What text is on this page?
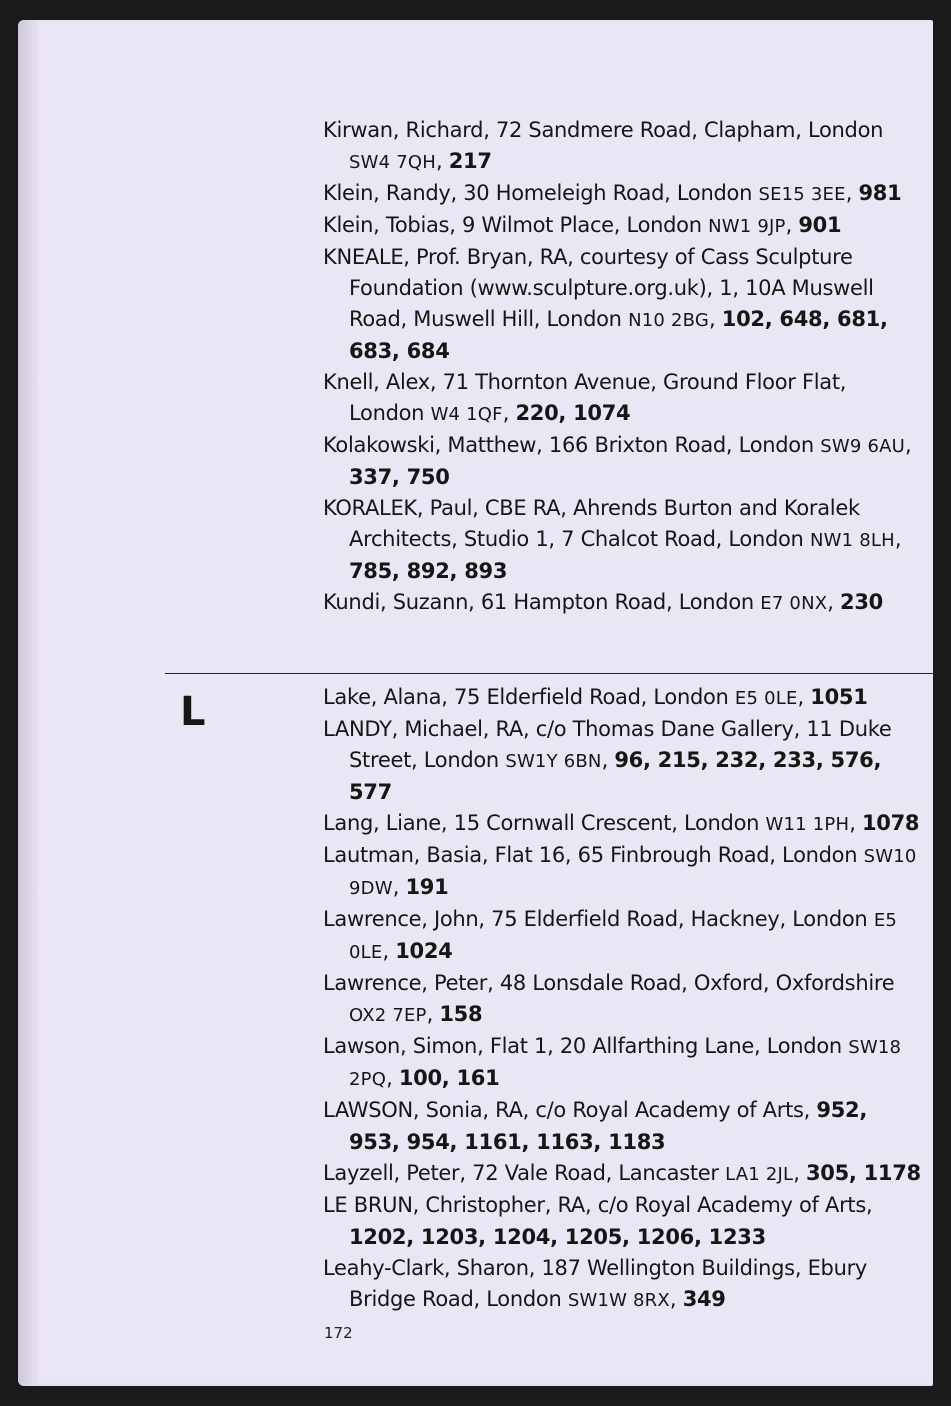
Kirwan, Richard, 72 Sandmere Road, Clapham, London SW4 7QH, 217

Klein, Randy, 30 Homeleigh Road, London SE15 3EE, 981

Klein, Tobias, 9 Wilmot Place, London NW1 9JP, 901

KNEALE, Prof. Bryan, RA, courtesy of Cass Sculpture Foundation (www.sculpture.org.uk), 1, 10A Muswell Road, Muswell Hill, London N10 2BG, 102, 648, 681, 683, 684

Knell, Alex, 71 Thornton Avenue, Ground Floor Flat, London W4 1QF, 220, 1074

Kolakowski, Matthew, 166 Brixton Road, London SW9 6AU, 337, 750

KORALEK, Paul, CBE RA, Ahrends Burton and Koralek Architects, Studio 1, 7 Chalcot Road, London NW1 8LH, 785, 892, 893

Kundi, Suzann, 61 Hampton Road, London E7 0NX, 230

L	Lake, Alana, 75 Elderfield Road, London E5 0LE, 1051

LANDY, Michael, RA, c/o Thomas Dane Gallery, 11 Duke Street, London SW1Y 6BN, 96, 215, 232, 233, 576, 577

Lang, Liane, 15 Cornwall Crescent, London W11 1PH, 1078

Lautman, Basia, Flat 16, 65 Finbrough Road, London SW10 9DW, 191

Lawrence, John, 75 Elderfield Road, Hackney, London E5 0LE, 1024

Lawrence, Peter, 48 Lonsdale Road, Oxford, Oxfordshire OX2 7EP, 158

Lawson, Simon, Flat 1, 20 Allfarthing Lane, London SW18 2PQ, 100, 161

LAWSON, Sonia, RA, c/o Royal Academy of Arts, 952, 953, 954, 1161, 1163, 1183

Layzell, Peter, 72 Vale Road, Lancaster LA1 2JL, 305, 1178

LE BRUN, Christopher, RA, c/o Royal Academy of Arts, 1202, 1203, 1204, 1205, 1206, 1233

Leahy-Clark, Sharon, 187 Wellington Buildings, Ebury Bridge Road, London SW1W 8RX, 349

172
